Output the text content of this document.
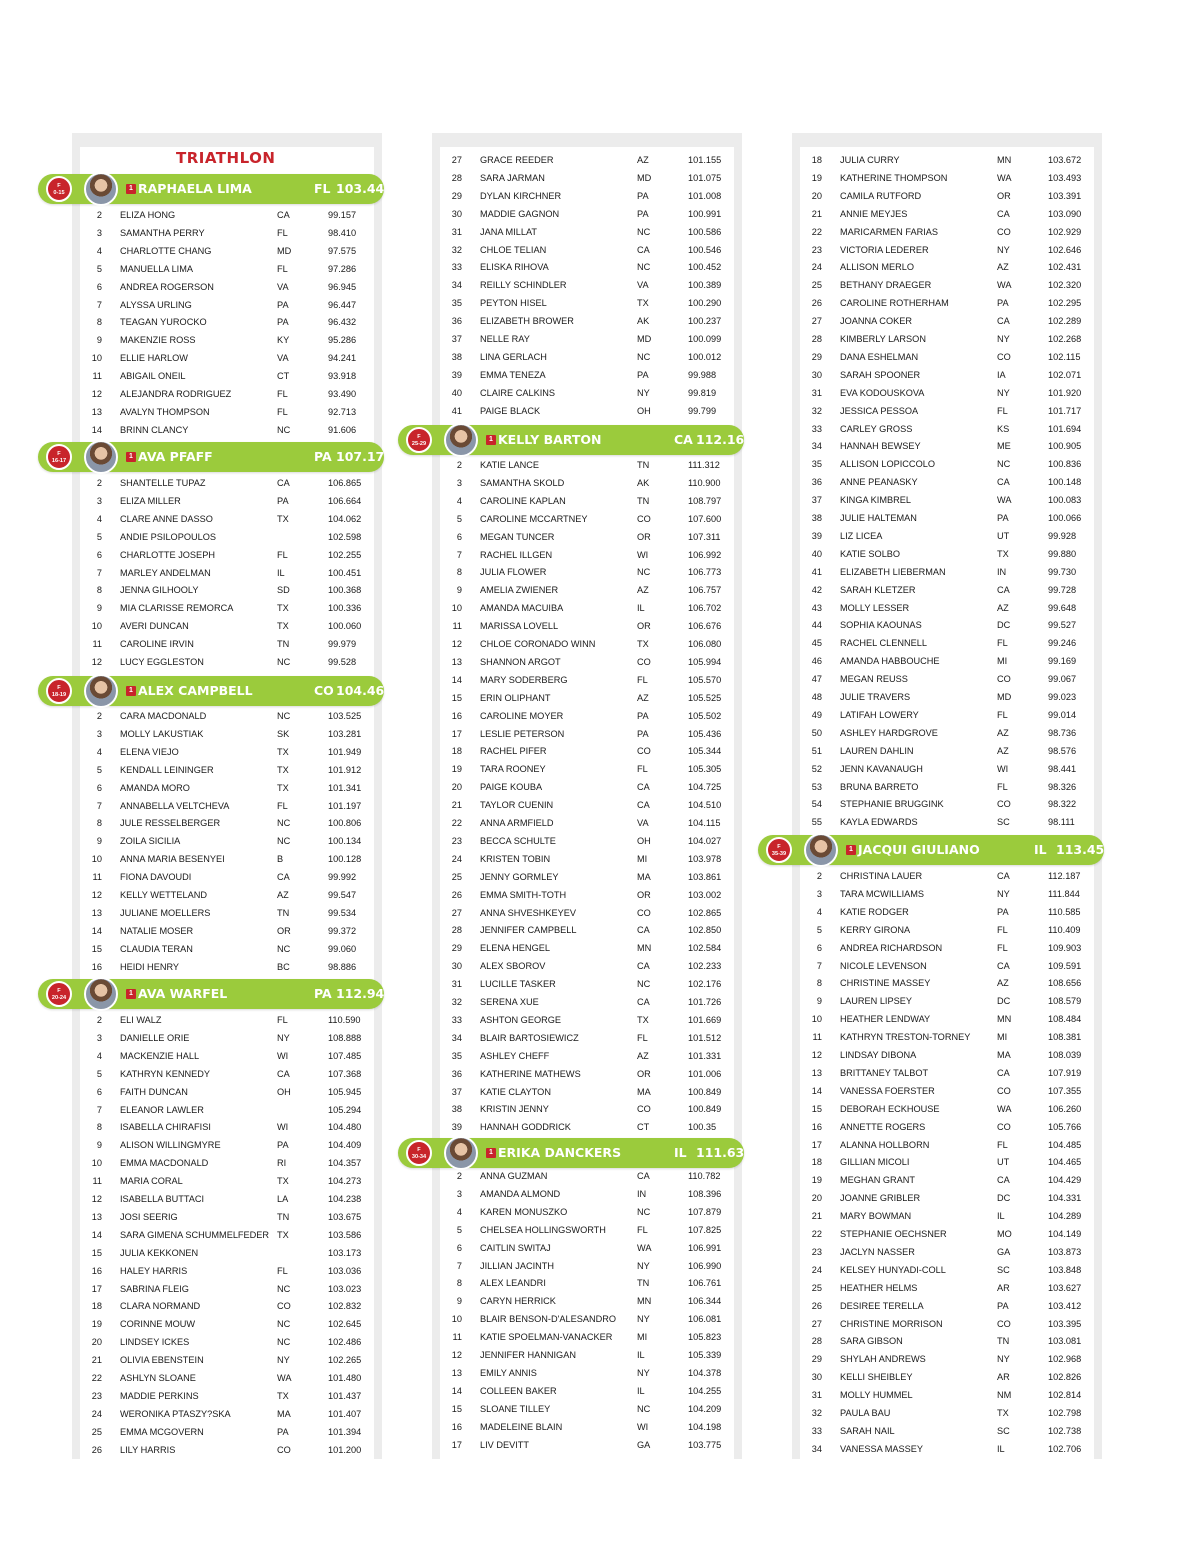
TRIATHLON
RAPHAELA LIMA	FL 103.443
F
0-15
1
2 ELIZA HONG	CA	99.157
3 SAMANTHA PERRY	FL	98.410
4 CHARLOTTE CHANG	MD	97.575
5 MANUELLA LIMA	FL	97.286
6 ANDREA ROGERSON	VA	96.945
7 ALYSSA URLING	PA	96.447
8 TEAGAN YUROCKO	PA	96.432
9 MAKENZIE ROSS	KY	95.286
10 ELLIE HARLOW	VA	94.241
11 ABIGAIL ONEIL	CT	93.918
12 ALEJANDRA RODRIGUEZ	FL	93.490
13 AVALYN THOMPSON	FL	92.713
14 BRINN CLANCY	NC	91.606
AVA PFAFF	PA 107.171
F
16-17
1
2 SHANTELLE TUPAZ	CA	106.865
3 ELIZA MILLER	PA	106.664
4 CLARE ANNE DASSO	TX	104.062
5 ANDIE PSILOPOULOS	102.598
6 CHARLOTTE JOSEPH	FL	102.255
7 MARLEY ANDELMAN	IL	100.451
8 JENNA GILHOOLY	SD	100.368
9 MIA CLARISSE REMORCA	TX	100.336
10 AVERI DUNCAN	TX	100.060
11 CAROLINE IRVIN	TN	99.979
12 LUCY EGGLESTON	NC	99.528
ALEX CAMPBELL	CO 104.460
F
18-19
1
2 CARA MACDONALD	NC	103.525
3 MOLLY LAKUSTIAK	SK	103.281
4 ELENA VIEJO	TX	101.949
5 KENDALL LEININGER	TX	101.912
6 AMANDA MORO	TX	101.341
7 ANNABELLA VELTCHEVA	FL	101.197
8 JULE RESSELBERGER	NC	100.806
9 ZOILA SICILIA	NC	100.134
10 ANNA MARIA BESENYEI	B	100.128
11 FIONA DAVOUDI	CA	99.992
12 KELLY WETTELAND	AZ	99.547
13 JULIANE MOELLERS	TN	99.534
14 NATALIE MOSER	OR	99.372
15 CLAUDIA TERAN	NC	99.060
16 HEIDI HENRY	BC	98.886
AVA WARFEL	PA 112.948
F
20-24
1
2 ELI WALZ	FL	110.590
3 DANIELLE ORIE	NY	108.888
4 MACKENZIE HALL	WI	107.485
5 KATHRYN KENNEDY	CA	107.368
6 FAITH DUNCAN	OH	105.945
7 ELEANOR LAWLER	105.294
8 ISABELLA CHIRAFISI	WI	104.480
9 ALISON WILLINGMYRE	PA	104.409
10 EMMA MACDONALD	RI	104.357
11 MARIA CORAL	TX	104.273
12 ISABELLA BUTTACI	LA	104.238
13 JOSI SEERIG	TN	103.675
14 SARA GIMENA SCHUMMELFEDER TX	103.586
15 JULIA KEKKONEN	103.173
16 HALEY HARRIS	FL	103.036
17 SABRINA FLEIG	NC	103.023
18 CLARA NORMAND	CO	102.832
19 CORINNE MOUW	NC	102.645
20 LINDSEY ICKES	NC	102.486
21 OLIVIA EBENSTEIN	NY	102.265
22 ASHLYN SLOANE	WA	101.480
23 MADDIE PERKINS	TX	101.437
24 WERONIKA PTASZY?SKA	MA	101.407
25 EMMA MCGOVERN	PA	101.394
26 LILY HARRIS	CO	101.200
27 GRACE REEDER	AZ	101.155
28 SARA JARMAN	MD	101.075
29 DYLAN KIRCHNER	PA	101.008
30 MADDIE GAGNON	PA	100.991
31 JANA MILLAT	NC	100.586
32 CHLOE TELIAN	CA	100.546
33 ELISKA RIHOVA	NC	100.452
34 REILLY SCHINDLER	VA	100.389
35 PEYTON HISEL	TX	100.290
36 ELIZABETH BROWER	AK	100.237
37 NELLE RAY	MD	100.099
38 LINA GERLACH	NC	100.012
39 EMMA TENEZA	PA	99.988
40 CLAIRE CALKINS	NY	99.819
41 PAIGE BLACK	OH	99.799
KELLY BARTON	CA 112.161
F
25-29
1
2 KATIE LANCE	TN	111.312
3 SAMANTHA SKOLD	AK	110.900
4 CAROLINE KAPLAN	TN	108.797
5 CAROLINE MCCARTNEY	CO	107.600
6 MEGAN TUNCER	OR	107.311
7 RACHEL ILLGEN	WI	106.992
8 JULIA FLOWER	NC	106.773
9 AMELIA ZWIENER	AZ	106.757
10 AMANDA MACUIBA	IL	106.702
11 MARISSA LOVELL	OR	106.676
12 CHLOE CORONADO WINN	TX	106.080
13 SHANNON ARGOT	CO	105.994
14 MARY SODERBERG	FL	105.570
15 ERIN OLIPHANT	AZ	105.525
16 CAROLINE MOYER	PA	105.502
17 LESLIE PETERSON	PA	105.436
18 RACHEL PIFER	CO	105.344
19 TARA ROONEY	FL	105.305
20 PAIGE KOUBA	CA	104.725
21 TAYLOR CUENIN	CA	104.510
22 ANNA ARMFIELD	VA	104.115
23 BECCA SCHULTE	OH	104.027
24 KRISTEN TOBIN	MI	103.978
25 JENNY GORMLEY	MA	103.861
26 EMMA SMITH-TOTH	OR	103.002
27 ANNA SHVESHKEYEV	CO	102.865
28 JENNIFER CAMPBELL	CA	102.850
29 ELENA HENGEL	MN	102.584
30 ALEX SBOROV	CA	102.233
31 LUCILLE TASKER	NC	102.176
32 SERENA XUE	CA	101.726
33 ASHTON GEORGE	TX	101.669
34 BLAIR BARTOSIEWICZ	FL	101.512
35 ASHLEY CHEFF	AZ	101.331
36 KATHERINE MATHEWS	OR	101.006
37 KATIE CLAYTON	MA	100.849
38 KRISTIN JENNY	CO	100.849
39 HANNAH GODDRICK	CT	100.35
ERIKA DANCKERS	IL 111.633
F
30-34
1
2 ANNA GUZMAN	CA	110.782
3 AMANDA ALMOND	IN	108.396
4 KAREN MONUSZKO	NC	107.879
5 CHELSEA HOLLINGSWORTH	FL	107.825
6 CAITLIN SWITAJ	WA	106.991
7 JILLIAN JACINTH	NY	106.990
8 ALEX LEANDRI	TN	106.761
9 CARYN HERRICK	MN	106.344
10 BLAIR BENSON-D'ALESANDRO NY	106.081
11 KATIE SPOELMAN-VANACKER	MI	105.823
12 JENNIFER HANNIGAN	IL	105.339
13 EMILY ANNIS	NY	104.378
14 COLLEEN BAKER	IL	104.255
15 SLOANE TILLEY	NC	104.209
16 MADELEINE BLAIN	WI	104.198
17 LIV DEVITT	GA	103.775
18 JULIA CURRY	MN	103.672
19 KATHERINE THOMPSON	WA	103.493
20 CAMILA RUTFORD	OR	103.391
21 ANNIE MEYJES	CA	103.090
22 MARICARMEN FARIAS	CO	102.929
23 VICTORIA LEDERER	NY	102.646
24 ALLISON MERLO	AZ	102.431
25 BETHANY DRAEGER	WA	102.320
26 CAROLINE ROTHERHAM	PA	102.295
27 JOANNA COKER	CA	102.289
28 KIMBERLY LARSON	NY	102.268
29 DANA ESHELMAN	CO	102.115
30 SARAH SPOONER	IA	102.071
31 EVA KODOUSKOVA	NY	101.920
32 JESSICA PESSOA	FL	101.717
33 CARLEY GROSS	KS	101.694
34 HANNAH BEWSEY	ME	100.905
35 ALLISON LOPICCOLO	NC	100.836
36 ANNE PEANASKY	CA	100.148
37 KINGA KIMBREL	WA	100.083
38 JULIE HALTEMAN	PA	100.066
39 LIZ LICEA	UT	99.928
40 KATIE SOLBO	TX	99.880
41 ELIZABETH LIEBERMAN	IN	99.730
42 SARAH KLETZER	CA	99.728
43 MOLLY LESSER	AZ	99.648
44 SOPHIA KAOUNAS	DC	99.527
45 RACHEL CLENNELL	FL	99.246
46 AMANDA HABBOUCHE	MI	99.169
47 MEGAN REUSS	CO	99.067
48 JULIE TRAVERS	MD	99.023
49 LATIFAH LOWERY	FL	99.014
50 ASHLEY HARDGROVE	AZ	98.736
51 LAUREN DAHLIN	AZ	98.576
52 JENN KAVANAUGH	WI	98.441
53 BRUNA BARRETO	FL	98.326
54 STEPHANIE BRUGGINK	CO	98.322
55 KAYLA EDWARDS	SC	98.111
JACQUI GIULIANO	IL 113.451
F
35-39
1
2 CHRISTINA LAUER	CA	112.187
3 TARA MCWILLIAMS	NY	111.844
4 KATIE RODGER	PA	110.585
5 KERRY GIRONA	FL	110.409
6 ANDREA RICHARDSON	FL	109.903
7 NICOLE LEVENSON	CA	109.591
8 CHRISTINE MASSEY	AZ	108.656
9 LAUREN LIPSEY	DC	108.579
10 HEATHER LENDWAY	MN	108.484
11 KATHRYN TRESTON-TORNEY	MI	108.381
12 LINDSAY DIBONA	MA	108.039
13 BRITTANEY TALBOT	CA	107.919
14 VANESSA FOERSTER	CO	107.355
15 DEBORAH ECKHOUSE	WA	106.260
16 ANNETTE ROGERS	CO	105.766
17 ALANNA HOLLBORN	FL	104.485
18 GILLIAN MICOLI	UT	104.465
19 MEGHAN GRANT	CA	104.429
20 JOANNE GRIBLER	DC	104.331
21 MARY BOWMAN	IL	104.289
22 STEPHANIE OECHSNER	MO	104.149
23 JACLYN NASSER	GA	103.873
24 KELSEY HUNYADI-COLL	SC	103.848
25 HEATHER HELMS	AR	103.627
26 DESIREE TERELLA	PA	103.412
27 CHRISTINE MORRISON	CO	103.395
28 SARA GIBSON	TN	103.081
29 SHYLAH ANDREWS	NY	102.968
30 KELLI SHEIBLEY	AR	102.826
31 MOLLY HUMMEL	NM	102.814
32 PAULA BAU	TX	102.798
33 SARAH NAIL	SC	102.738
34 VANESSA MASSEY	IL	102.706
